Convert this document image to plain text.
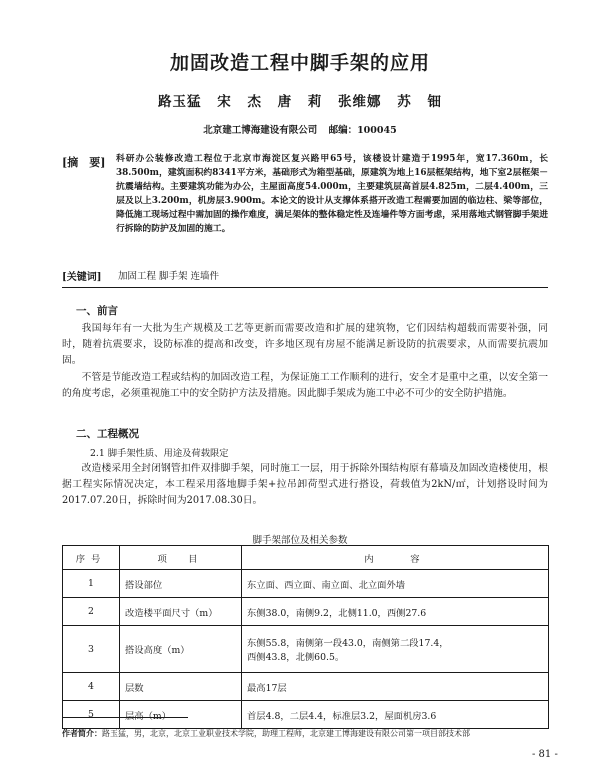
加固改造工程中脚手架的应用
路玉猛 宋 杰 唐 莉 张维娜 苏 钿
北京建工博海建设有限公司 邮编：100045
[摘　要] 科研办公装修改造工程位于北京市海淀区复兴路甲65号，该楼设计建造于1995年，宽17.360m，长38.500m，建筑面积约8341平方米，基础形式为箱型基础，原建筑为地上16层框架结构，地下室2层框架－抗震墙结构。主要建筑功能为办公，主屋面高度54.000m，主要建筑层高首层4.825m，二层4.400m，三层及以上3.200m，机房层3.900m。本论文的设计从支撑体系搭开改造工程需要加固的临边柱、梁等部位，降低施工现场过程中需加固的操作难度，满足架体的整体稳定性及连墙件等方面考虑，采用落地式钢管脚手架进行拆除的防护及加固的施工。
[关键词] 加固工程 脚手架 连墙件
一、前言
我国每年有一大批为生产规模及工艺等更新而需要改造和扩展的建筑物，它们因结构超载而需要补强，同时，随着抗震要求，设防标准的提高和改变，许多地区现有房屋不能满足新设防的抗震要求，从而需要抗震加固。
不管是节能改造工程或结构的加固改造工程，为保证施工工作顺利的进行，安全才是重中之重，以安全第一的角度考虑，必须重视施工中的安全防护方法及措施。因此脚手架成为施工中必不可少的安全防护措施。
二、工程概况
2.1 脚手架性质、用途及荷载限定
改造楼采用全封闭钢管扣件双排脚手架，同时施工一层，用于拆除外围结构原有幕墙及加固改造楼使用，根据工程实际情况决定，本工程采用落地脚手架+拉吊卸荷型式进行搭设，荷载值为2kN/㎡，计划搭设时间为2017.07.20日，拆除时间为2017.08.30日。
脚手架部位及相关参数
序号	项　目	内　　容
1	搭设部位	东立面、西立面、南立面、北立面外墙
2	改造楼平面尺寸（m）	东侧38.0，南侧9.2，北侧11.0，西侧27.6
3	搭设高度（m）	东侧55.8，南侧第一段43.0，南侧第二段17.4，
西侧43.8，北侧60.5。

4	层数	最高17层
5	层高（m）	首层4.8，二层4.4，标准层3.2，屋面机房3.6
作者简介：路玉猛，男，北京，北京工业职业技术学院，助理工程师，北京建工博海建设有限公司第一项目部技术部
- 81 -
